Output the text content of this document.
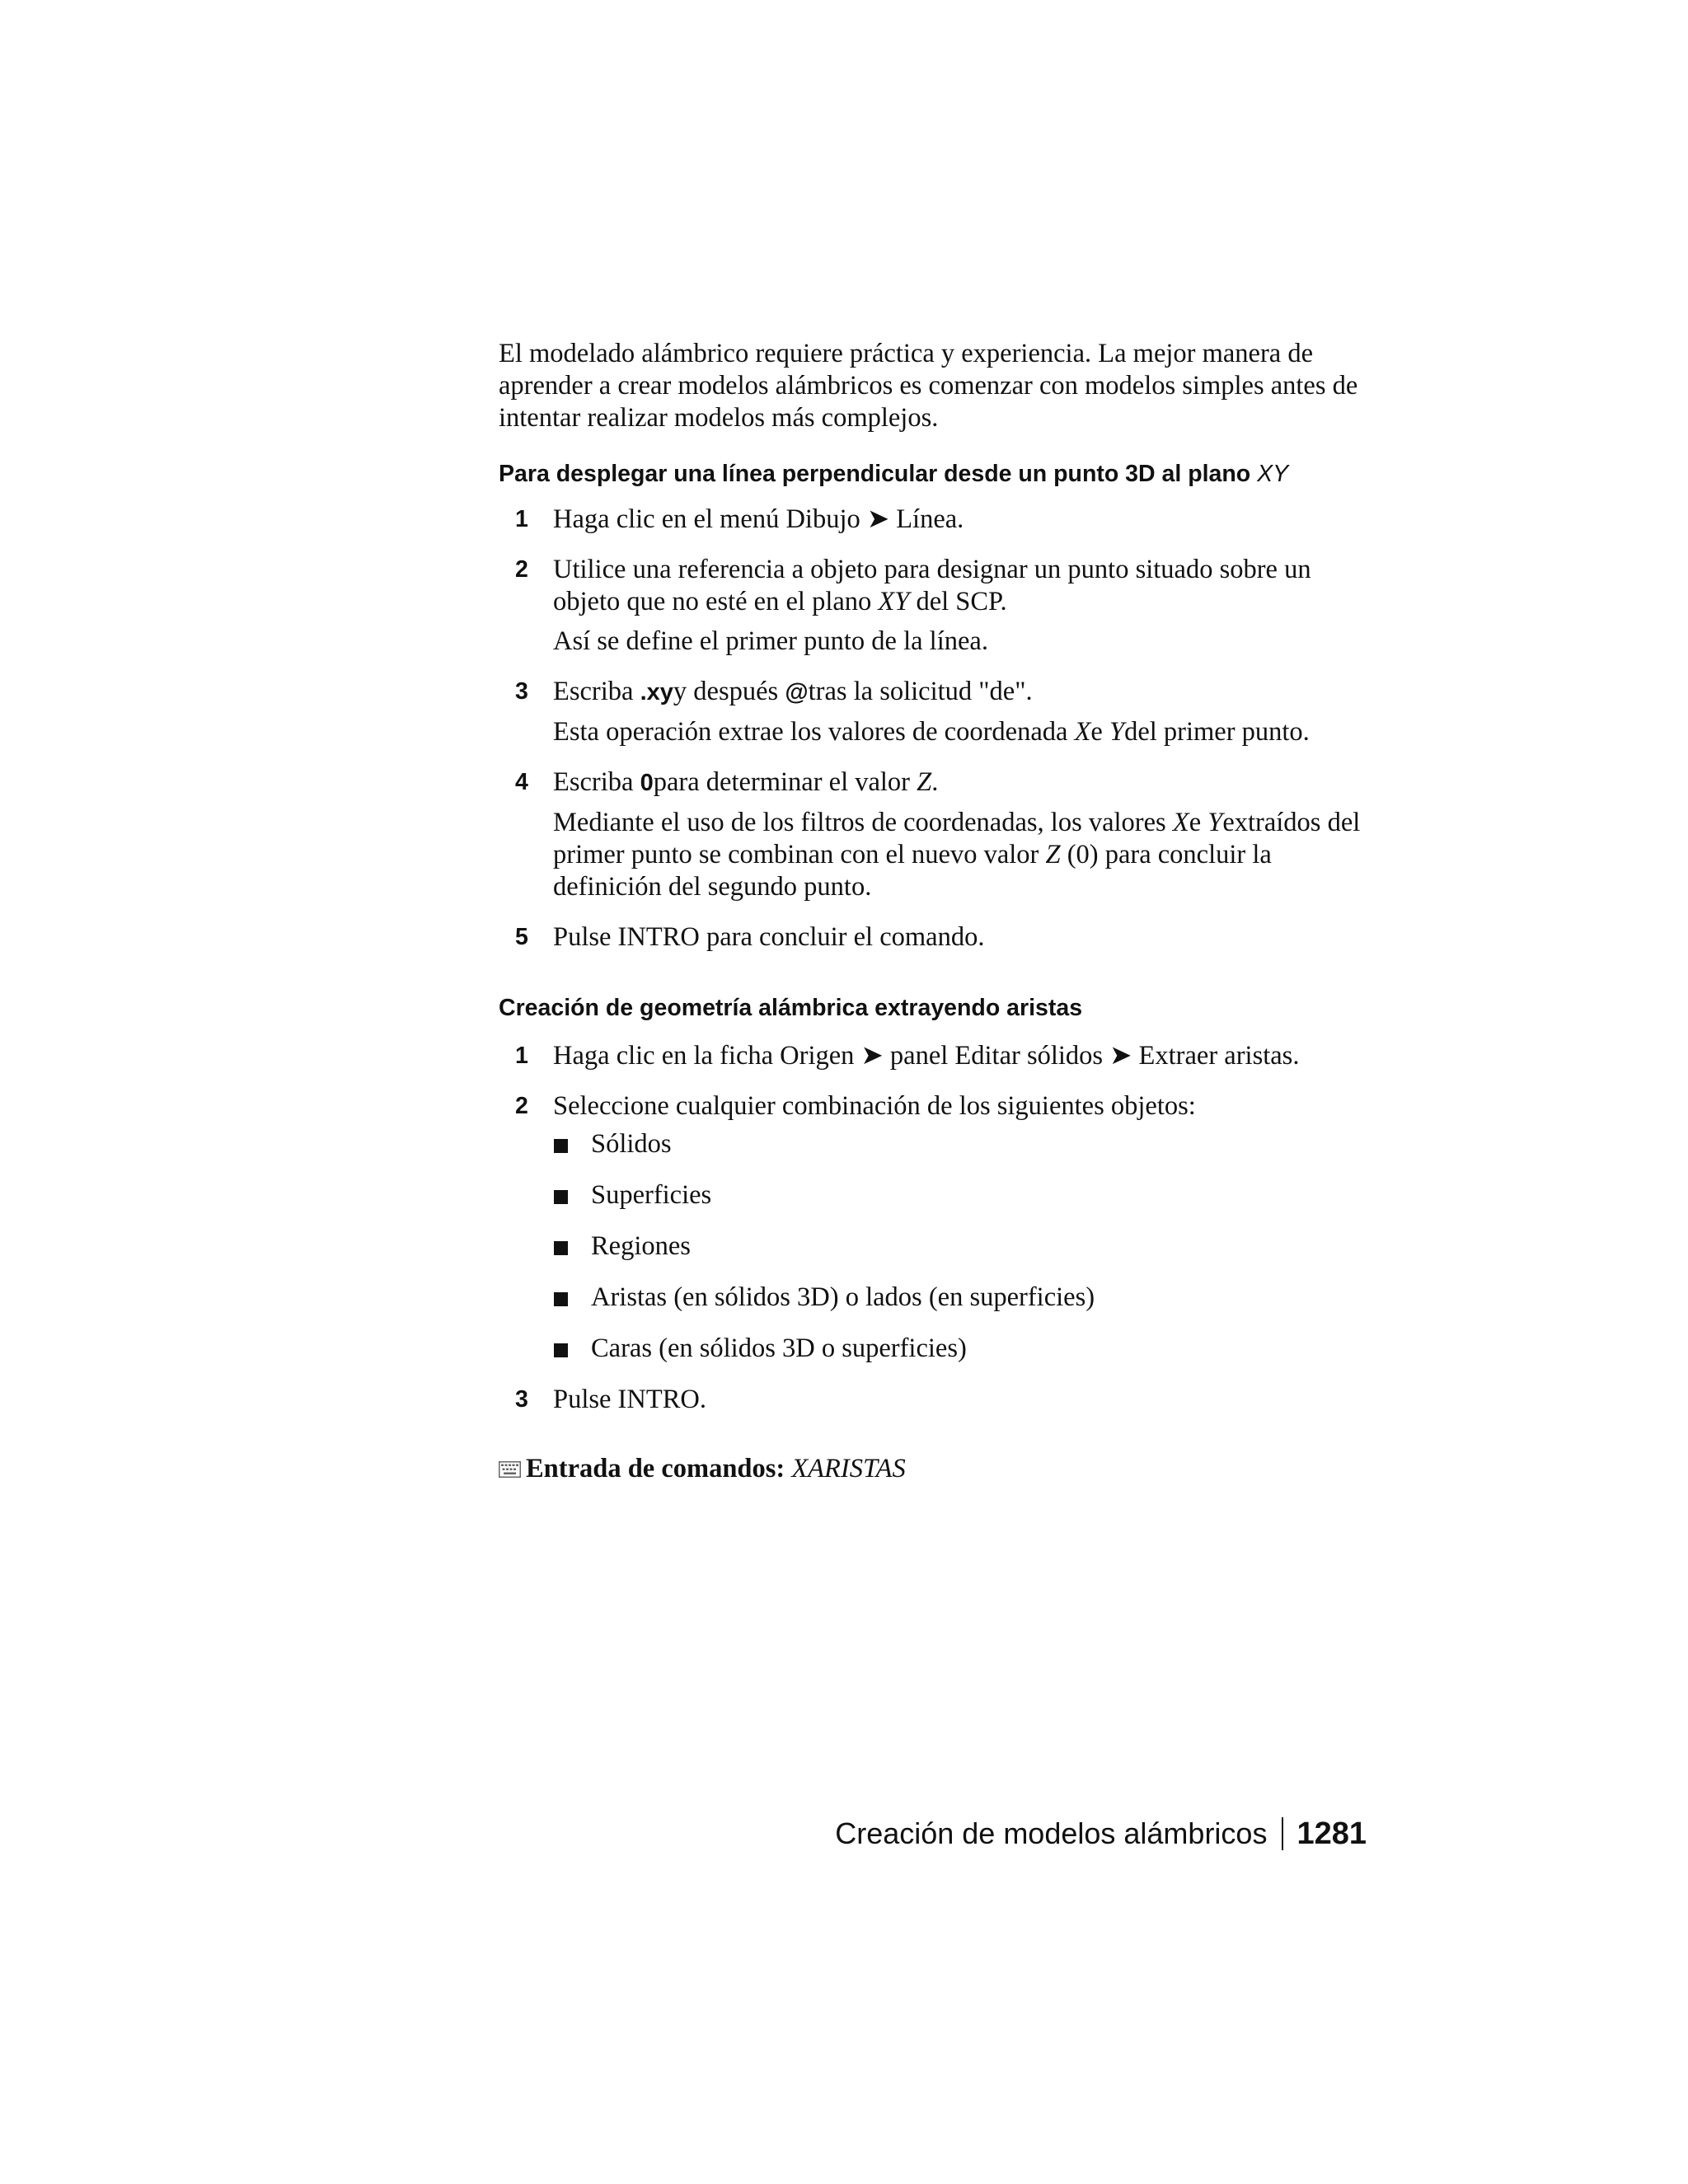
El modelado alámbrico requiere práctica y experiencia. La mejor manera de aprender a crear modelos alámbricos es comenzar con modelos simples antes de intentar realizar modelos más complejos.

Para desplegar una línea perpendicular desde un punto 3D al plano XY
1 Haga clic en el menú Dibujo ➤ Línea.

2 Utilice una referencia a objeto para designar un punto situado sobre un objeto que no esté en el plano XY del SCP.

Así se define el primer punto de la línea.

3 Escriba .xyy después @tras la solicitud "de".

Esta operación extrae los valores de coordenada Xe Ydel primer punto.

4 Escriba 0para determinar el valor Z.

Mediante el uso de los filtros de coordenadas, los valores Xe Yextraídos del primer punto se combinan con el nuevo valor Z (0) para concluir la definición del segundo punto.

5 Pulse INTRO para concluir el comando.

Creación de geometría alámbrica extrayendo aristas
1 Haga clic en la ficha Origen ➤ panel Editar sólidos ➤ Extraer aristas.

2 Seleccione cualquier combinación de los siguientes objetos:

Sólidos
Superficies
Regiones
Aristas (en sólidos 3D) o lados (en superficies)
Caras (en sólidos 3D o superficies)
3 Pulse INTRO.

Entrada de comandos:
XARISTAS
Creación de modelos alámbricos 1281
